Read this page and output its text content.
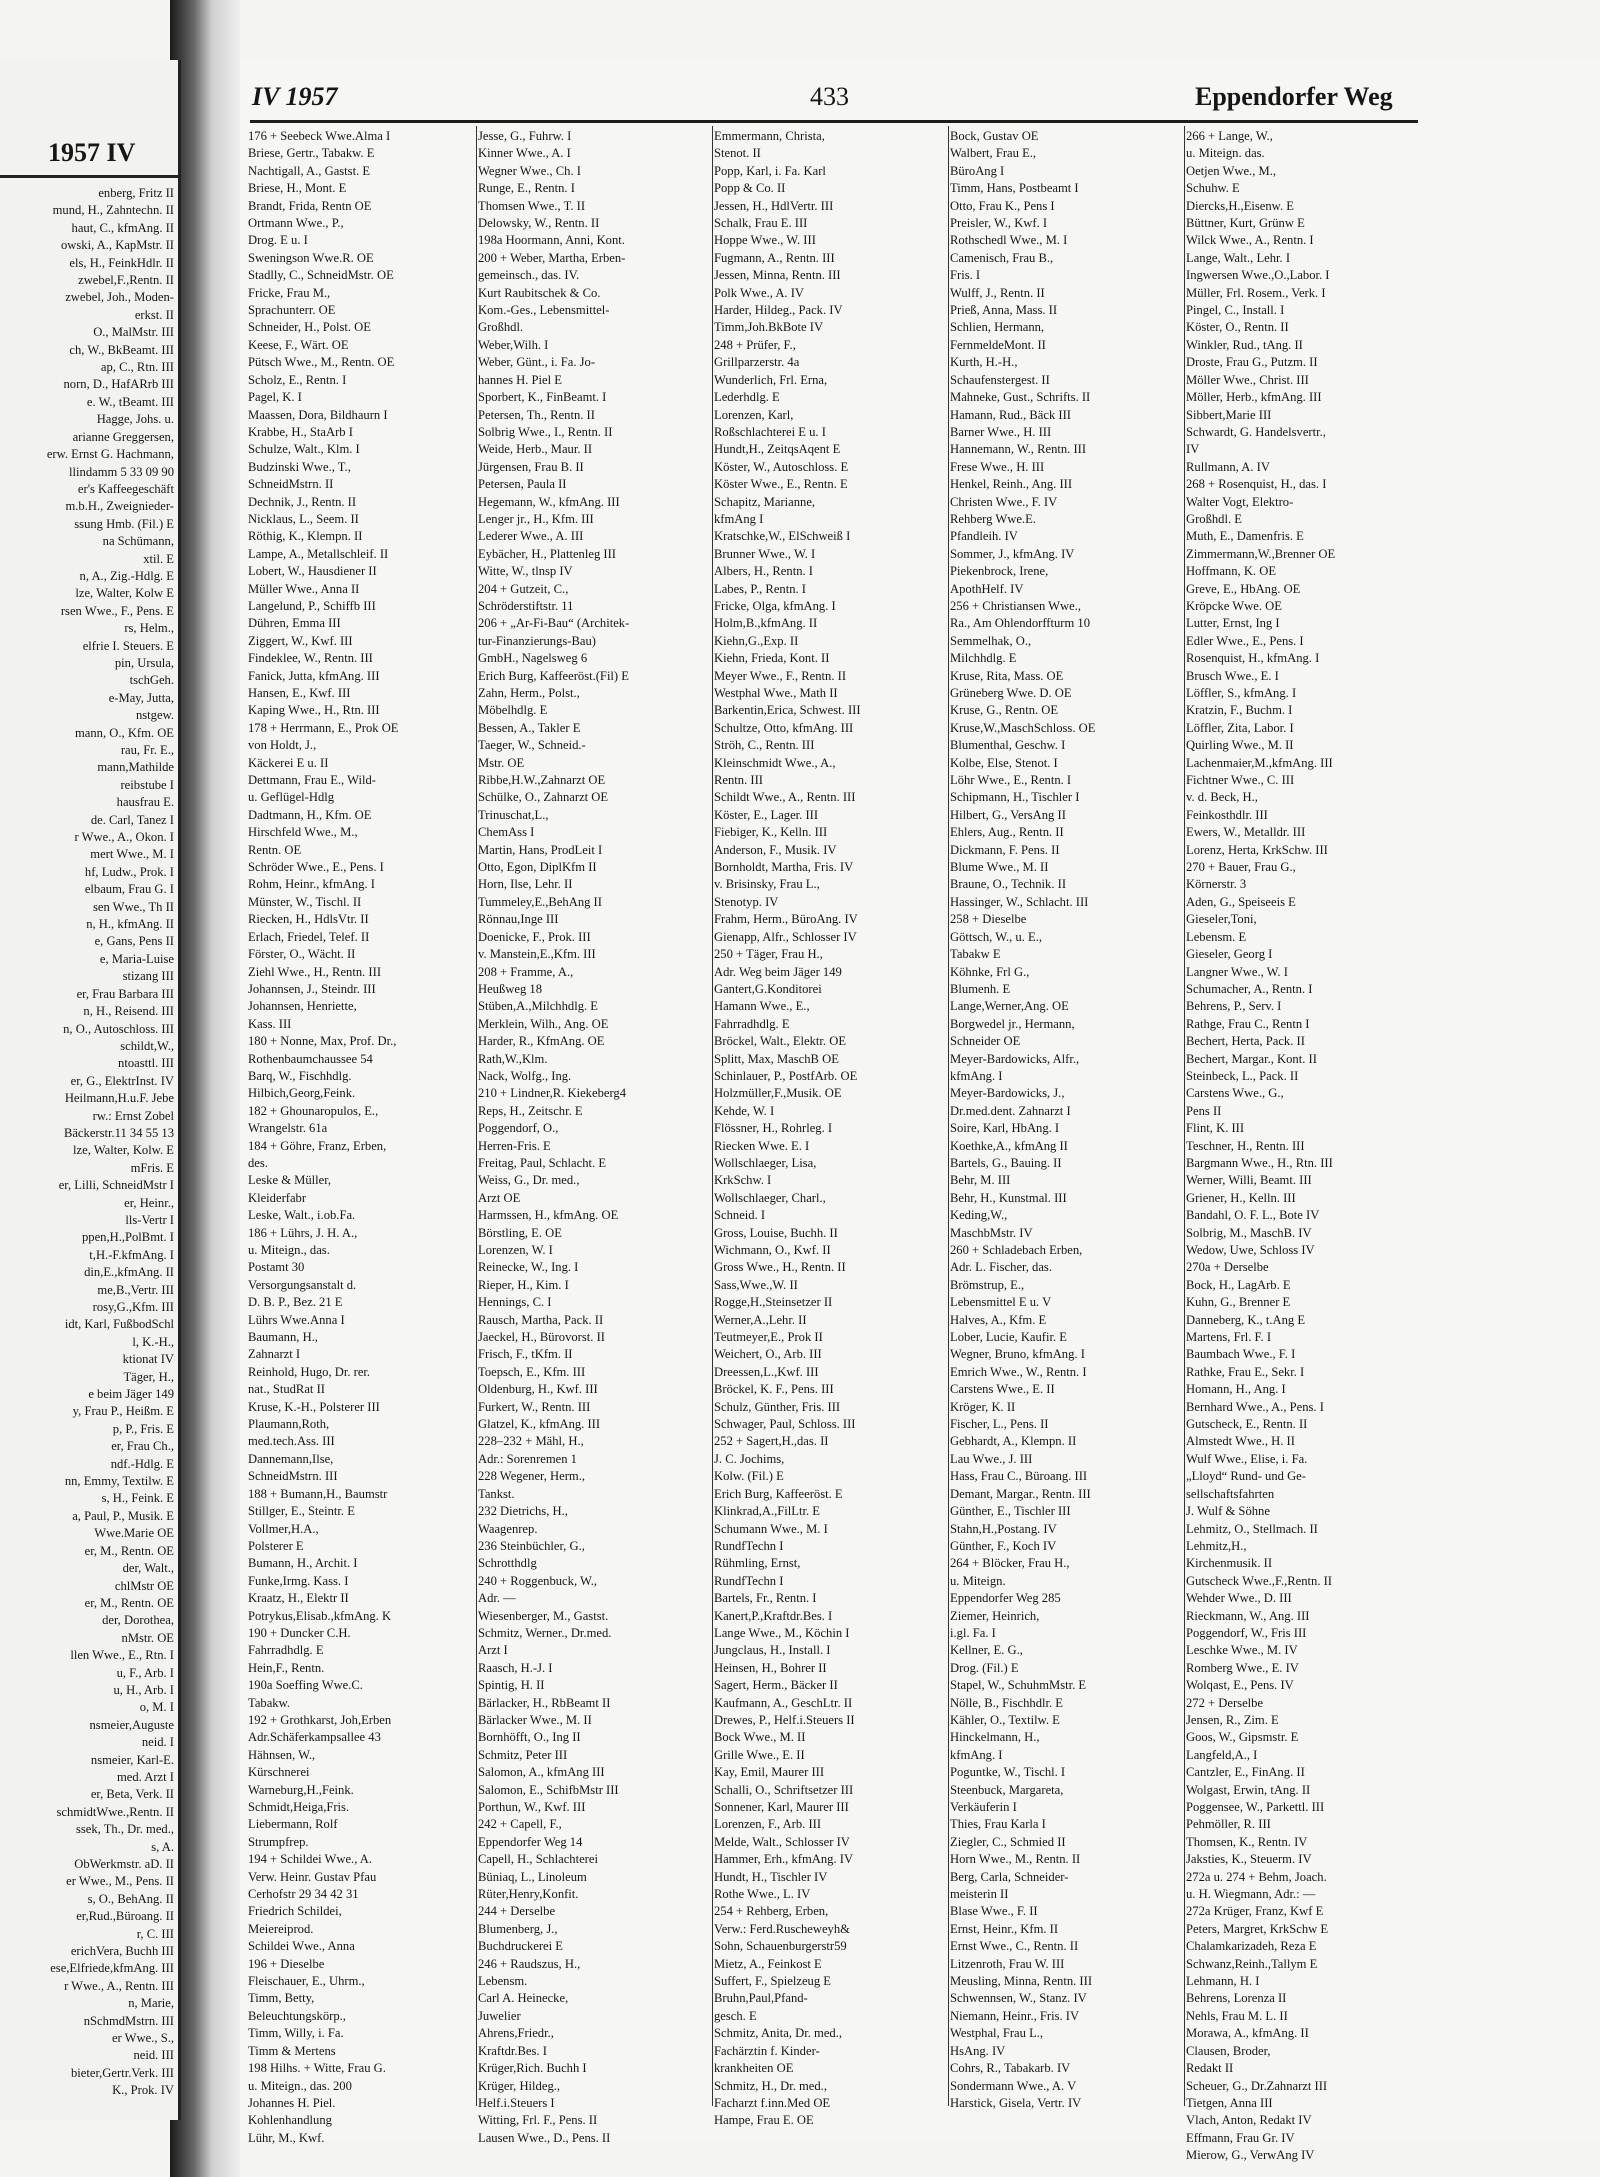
1957 IV
enberg, Fritz II
mund, H., Zahntechn. II
haut, C., kfmAng. II
owski, A., KapMstr. II
els, H., FeinkHdlr. II
zwebel,F.,Rentn. II
zwebel, Joh., Moden-
erkst. II
O., MalMstr. III
ch, W., BkBeamt. III
ap, C., Rtn. III
norn, D., HafARrb III
e. W., tBeamt. III
Hagge, Johs. u.
arianne Greggersen,
erw. Ernst G. Hachmann,
llindamm 5 33 09 90
er's Kaffeegeschäft
m.b.H., Zweignieder-
ssung Hmb. (Fil.) E
na Schümann,
xtil. E
n, A., Zig.-Hdlg. E
lze, Walter, Kolw E
rsen Wwe., F., Pens. E
rs, Helm.,
elfrie I. Steuers. E
pin, Ursula,
tschGeh.
e-May, Jutta,
nstgew.
mann, O., Kfm. OE
rau, Fr. E.,
mann,Mathilde
reibstube I
hausfrau E.
de. Carl, Tanez I
r Wwe., A., Okon. I
mert Wwe., M. I
hf, Ludw., Prok. I
elbaum, Frau G. I
sen Wwe., Th II
n, H., kfmAng. II
e, Gans, Pens II
e, Maria-Luise
stizang III
er, Frau Barbara III
n, H., Reisend. III
n, O., Autoschloss. III
schildt,W.,
ntoasttl. III
er, G., ElektrInst. IV
Heilmann,H.u.F. Jebe
rw.: Ernst Zobel
Bäckerstr.11 34 55 13
lze, Walter, Kolw. E
mFris. E
er, Lilli, SchneidMstr I
er, Heinr.,
lls-Vertr I
ppen,H.,PolBmt. I
t,H.-F.kfmAng. I
din,E.,kfmAng. II
me,B.,Vertr. III
rosy,G.,Kfm. III
idt, Karl, FußbodSchl
l, K.-H.,
ktionat IV
Täger, H.,
e beim Jäger 149
y, Frau P., Heißm. E
p, P., Fris. E
er, Frau Ch.,
ndf.-Hdlg. E
nn, Emmy, Textilw. E
s, H., Feink. E
a, Paul, P., Musik. E
Wwe.Marie OE
er, M., Rentn. OE
der, Walt.,
chlMstr OE
er, M., Rentn. OE
der, Dorothea,
nMstr. OE
llen Wwe., E., Rtn. I
u, F., Arb. I
u, H., Arb. I
o, M. I
nsmeier,Auguste
neid. I
nsmeier, Karl-E.
med. Arzt I
er, Beta, Verk. II
schmidtWwe.,Rentn. II
ssek, Th., Dr. med.,
s, A.
ObWerkmstr. aD. II
er Wwe., M., Pens. II
s, O., BehAng. II
er,Rud.,Büroang. II
r, C. III
erichVera, Buchh III
ese,Elfriede,kfmAng. III
r Wwe., A., Rentn. III
n, Marie,
nSchmdMstrn. III
er Wwe., S.,
neid. III
bieter,Gertr.Verk. III
K., Prok. IV
IV 1957	433	Eppendorfer Weg
176 + Seebeck Wwe.Alma I
Briese, Gertr., Tabakw. E
Nachtigall, A., Gastst. E
Briese, H., Mont. E
Brandt, Frida, Rentn OE
Ortmann Wwe., P.,
Drog. E u. I
Sweningson Wwe.R. OE
Stadlly, C., SchneidMstr. OE
Fricke, Frau M.,
Sprachunterr. OE
Schneider, H., Polst. OE
Keese, F., Wärt. OE
Pütsch Wwe., M., Rentn. OE
Scholz, E., Rentn. I
Pagel, K. I
Maassen, Dora, Bildhaurn I
Krabbe, H., StaArb I
Schulze, Walt., Klm. I
Budzinski Wwe., T.,
SchneidMstrn. II
Dechnik, J., Rentn. II
Nicklaus, L., Seem. II
Röthig, K., Klempn. II
Lampe, A., Metallschleif. II
Lobert, W., Hausdiener II
Müller Wwe., Anna II
Langelund, P., Schiffb III
Dühren, Emma III
Ziggert, W., Kwf. III
Findeklee, W., Rentn. III
Fanick, Jutta, kfmAng. III
Hansen, E., Kwf. III
Kaping Wwe., H., Rtn. III
178 + Herrmann, E., Prok OE
von Holdt, J.,
Käckerei E u. II
Dettmann, Frau E., Wild-
u. Geflügel-Hdlg
Dadtmann, H., Kfm. OE
Hirschfeld Wwe., M.,
Rentn. OE
Schröder Wwe., E., Pens. I
Rohm, Heinr., kfmAng. I
Münster, W., Tischl. II
Riecken, H., HdlsVtr. II
Erlach, Friedel, Telef. II
Förster, O., Wächt. II
Ziehl Wwe., H., Rentn. III
Johannsen, J., Steindr. III
Johannsen, Henriette,
Kass. III
180 + Nonne, Max, Prof. Dr.,
Rothenbaumchaussee 54
Barq, W., Fischhdlg.
Hilbich,Georg,Feink.
182 + Ghounaropulos, E.,
Wrangelstr. 61a
184 + Göhre, Franz, Erben,
des.
Leske & Müller,
Kleiderfabr
Leske, Walt., i.ob.Fa.
186 + Lührs, J. H. A.,
u. Miteign., das.
Postamt 30
Versorgungsanstalt d.
D. B. P., Bez. 21 E
Lührs Wwe.Anna I
Baumann, H.,
Zahnarzt I
Reinhold, Hugo, Dr. rer.
nat., StudRat II
Kruse, K.-H., Polsterer III
Plaumann,Roth,
med.tech.Ass. III
Dannemann,Ilse,
SchneidMstrn. III
188 + Bumann,H., Baumstr
Stillger, E., Steintr. E
Vollmer,H.A.,
Polsterer E
Bumann, H., Archit. I
Funke,Irmg. Kass. I
Kraatz, H., Elektr II
Potrykus,Elisab.,kfmAng. K
190 + Duncker C.H.
Fahrradhdlg. E
Hein,F., Rentn.
190a Soeffing Wwe.C.
Tabakw.
192 + Grothkarst, Joh,Erben
Adr.Schäferkampsallee 43
Hähnsen, W.,
Kürschnerei
Warneburg,H.,Feink.
Schmidt,Heiga,Fris.
Liebermann, Rolf
Strumpfrep.
194 + Schildei Wwe., A.
Verw. Heinr. Gustav Pfau
Cerhofstr 29 34 42 31
Friedrich Schildei,
Meiereiprod.
Schildei Wwe., Anna
196 + Dieselbe
Fleischauer, E., Uhrm.,
Timm, Betty,
Beleuchtungskörp.,
Timm, Willy, i. Fa.
Timm & Mertens
198 Hilhs. + Witte, Frau G.
u. Miteign., das. 200
Johannes H. Piel.
Kohlenhandlung
Lühr, M., Kwf.
Jesse, G., Fuhrw. I
Kinner Wwe., A. I
Wegner Wwe., Ch. I
Runge, E., Rentn. I
Thomsen Wwe., T. II
Delowsky, W., Rentn. II
198a Hoormann, Anni, Kont.
200 + Weber, Martha, Erben-
gemeinsch., das. IV.
Kurt Raubitschek & Co.
Kom.-Ges., Lebensmittel-
Großhdl.
Weber,Wilh. I
Weber, Günt., i. Fa. Jo-
hannes H. Piel E
Sporbert, K., FinBeamt. I
Petersen, Th., Rentn. II
Solbrig Wwe., I., Rentn. II
Weide, Herb., Maur. II
Jürgensen, Frau B. II
Petersen, Paula II
Hegemann, W., kfmAng. III
Lenger jr., H., Kfm. III
Lederer Wwe., A. III
Eybächer, H., Plattenleg III
Witte, W., tlnsp IV
204 + Gutzeit, C.,
Schröderstiftstr. 11
206 + „Ar-Fi-Bau“ (Architek-
tur-Finanzierungs-Bau)
GmbH., Nagelsweg 6
Erich Burg, Kaffeeröst.(Fil) E
Zahn, Herm., Polst.,
Möbelhdlg. E
Bessen, A., Takler E
Taeger, W., Schneid.-
Mstr. OE
Ribbe,H.W.,Zahnarzt OE
Schülke, O., Zahnarzt OE
Trinuschat,L.,
ChemAss I
Martin, Hans, ProdLeit I
Otto, Egon, DiplKfm II
Horn, Ilse, Lehr. II
Tummeley,E.,BehAng II
Rönnau,Inge III
Doenicke, F., Prok. III
v. Manstein,E.,Kfm. III
208 + Framme, A.,
Heußweg 18
Stüben,A.,Milchhdlg. E
Merklein, Wilh., Ang. OE
Harder, R., KfmAng. OE
Rath,W.,Klm.
Nack, Wolfg., Ing.
210 + Lindner,R. Kiekeberg4
Reps, H., Zeitschr. E
Poggendorf, O.,
Herren-Fris. E
Freitag, Paul, Schlacht. E
Weiss, G., Dr. med.,
Arzt OE
Harmssen, H., kfmAng. OE
Börstling, E. OE
Lorenzen, W. I
Reinecke, W., Ing. I
Rieper, H., Kim. I
Hennings, C. I
Rausch, Martha, Pack. II
Jaeckel, H., Bürovorst. II
Frisch, F., tKfm. II
Toepsch, E., Kfm. III
Oldenburg, H., Kwf. III
Furkert, W., Rentn. III
Glatzel, K., kfmAng. III
228–232 + Mähl, H.,
Adr.: Sorenremen 1
228 Wegener, Herm.,
Tankst.
232 Dietrichs, H.,
Waagenrep.
236 Steinbüchler, G.,
Schrotthdlg
240 + Roggenbuck, W.,
Adr. —
Wiesenberger, M., Gastst.
Schmitz, Werner., Dr.med.
Arzt I
Raasch, H.-J. I
Spintig, H. II
Bärlacker, H., RbBeamt II
Bärlacker Wwe., M. II
Bornhöfft, O., Ing II
Schmitz, Peter III
Salomon, A., kfmAng III
Salomon, E., SchifbMstr III
Porthun, W., Kwf. III
242 + Capell, F.,
Eppendorfer Weg 14
Capell, H., Schlachterei
Büniaq, L., Linoleum
Rüter,Henry,Konfit.
244 + Derselbe
Blumenberg, J.,
Buchdruckerei E
246 + Raudszus, H.,
Lebensm.
Carl A. Heinecke,
Juwelier
Ahrens,Friedr.,
Kraftdr.Bes. I
Krüger,Rich. Buchh I
Krüger, Hildeg.,
Helf.i.Steuers I
Witting, Frl. F., Pens. II
Lausen Wwe., D., Pens. II
Emmermann, Christa,
Stenot. II
Popp, Karl, i. Fa. Karl
Popp & Co. II
Jessen, H., HdlVertr. III
Schalk, Frau E. III
Hoppe Wwe., W. III
Fugmann, A., Rentn. III
Jessen, Minna, Rentn. III
Polk Wwe., A. IV
Harder, Hildeg., Pack. IV
Timm,Joh.BkBote IV
248 + Prüfer, F.,
Grillparzerstr. 4a
Wunderlich, Frl. Erna,
Lederhdlg. E
Lorenzen, Karl,
Roßschlachterei E u. I
Hundt,H., ZeitqsAqent E
Köster, W., Autoschloss. E
Köster Wwe., E., Rentn. E
Schapitz, Marianne,
kfmAng I
Kratschke,W., ElSchweiß I
Brunner Wwe., W. I
Albers, H., Rentn. I
Labes, P., Rentn. I
Fricke, Olga, kfmAng. I
Holm,B.,kfmAng. II
Kiehn,G.,Exp. II
Kiehn, Frieda, Kont. II
Meyer Wwe., F., Rentn. II
Westphal Wwe., Math II
Barkentin,Erica, Schwest. III
Schultze, Otto, kfmAng. III
Ströh, C., Rentn. III
Kleinschmidt Wwe., A.,
Rentn. III
Schildt Wwe., A., Rentn. III
Köster, E., Lager. III
Fiebiger, K., Kelln. III
Anderson, F., Musik. IV
Bornholdt, Martha, Fris. IV
v. Brisinsky, Frau L.,
Stenotyp. IV
Frahm, Herm., BüroAng. IV
Gienapp, Alfr., Schlosser IV
250 + Täger, Frau H.,
Adr. Weg beim Jäger 149
Gantert,G.Konditorei
Hamann Wwe., E.,
Fahrradhdlg. E
Bröckel, Walt., Elektr. OE
Splitt, Max, MaschB OE
Schinlauer, P., PostfArb. OE
Holzmüller,F.,Musik. OE
Kehde, W. I
Flössner, H., Rohrleg. I
Riecken Wwe. E. I
Wollschlaeger, Lisa,
KrkSchw. I
Wollschlaeger, Charl.,
Schneid. I
Gross, Louise, Buchh. II
Wichmann, O., Kwf. II
Gross Wwe., H., Rentn. II
Sass,Wwe.,W. II
Rogge,H.,Steinsetzer II
Werner,A.,Lehr. II
Teutmeyer,E., Prok II
Weichert, O., Arb. III
Dreessen,L.,Kwf. III
Bröckel, K. F., Pens. III
Schulz, Günther, Fris. III
Schwager, Paul, Schloss. III
252 + Sagert,H.,das. II
J. C. Jochims,
Kolw. (Fil.) E
Erich Burg, Kaffeeröst. E
Klinkrad,A.,FilLtr. E
Schumann Wwe., M. I
RundfTechn I
Rühmling, Ernst,
RundfTechn I
Bartels, Fr., Rentn. I
Kanert,P.,Kraftdr.Bes. I
Lange Wwe., M., Köchin I
Jungclaus, H., Install. I
Heinsen, H., Bohrer II
Sagert, Herm., Bäcker II
Kaufmann, A., GeschLtr. II
Drewes, P., Helf.i.Steuers II
Bock Wwe., M. II
Grille Wwe., E. II
Kay, Emil, Maurer III
Schalli, O., Schriftsetzer III
Sonnener, Karl, Maurer III
Lorenzen, F., Arb. III
Melde, Walt., Schlosser IV
Hammer, Erh., kfmAng. IV
Hundt, H., Tischler IV
Rothe Wwe., L. IV
254 + Rehberg, Erben,
Verw.: Ferd.Ruscheweyh&
Sohn, Schauenburgerstr59
Mietz, A., Feinkost E
Suffert, F., Spielzeug E
Bruhn,Paul,Pfand-
gesch. E
Schmitz, Anita, Dr. med.,
Fachärztin f. Kinder-
krankheiten OE
Schmitz, H., Dr. med.,
Facharzt f.inn.Med OE
Hampe, Frau E. OE
Bock, Gustav OE
Walbert, Frau E.,
BüroAng I
Timm, Hans, Postbeamt I
Otto, Frau K., Pens I
Preisler, W., Kwf. I
Rothschedl Wwe., M. I
Camenisch, Frau B.,
Fris. I
Wulff, J., Rentn. II
Prieß, Anna, Mass. II
Schlien, Hermann,
FernmeldeMont. II
Kurth, H.-H.,
Schaufenstergest. II
Mahneke, Gust., Schrifts. II
Hamann, Rud., Bäck III
Barner Wwe., H. III
Hannemann, W., Rentn. III
Frese Wwe., H. III
Henkel, Reinh., Ang. III
Christen Wwe., F. IV
Rehberg Wwe.E.
Pfandleih. IV
Sommer, J., kfmAng. IV
Piekenbrock, Irene,
ApothHelf. IV
256 + Christiansen Wwe.,
Ra., Am Ohlendorffturm 10
Semmelhak, O.,
Milchhdlg. E
Kruse, Rita, Mass. OE
Grüneberg Wwe. D. OE
Kruse, G., Rentn. OE
Kruse,W.,MaschSchloss. OE
Blumenthal, Geschw. I
Kolbe, Else, Stenot. I
Löhr Wwe., E., Rentn. I
Schipmann, H., Tischler I
Hilbert, G., VersAng II
Ehlers, Aug., Rentn. II
Dickmann, F. Pens. II
Blume Wwe., M. II
Braune, O., Technik. II
Hassinger, W., Schlacht. III
258 + Dieselbe
Göttsch, W., u. E.,
Tabakw E
Köhnke, Frl G.,
Blumenh. E
Lange,Werner,Ang. OE
Borgwedel jr., Hermann,
Schneider OE
Meyer-Bardowicks, Alfr.,
kfmAng. I
Meyer-Bardowicks, J.,
Dr.med.dent. Zahnarzt I
Soire, Karl, HbAng. I
Koethke,A., kfmAng II
Bartels, G., Bauing. II
Behr, M. III
Behr, H., Kunstmal. III
Keding,W.,
MaschbMstr. IV
260 + Schladebach Erben,
Adr. L. Fischer, das.
Brömstrup, E.,
Lebensmittel E u. V
Halves, A., Kfm. E
Lober, Lucie, Kaufir. E
Wegner, Bruno, kfmAng. I
Emrich Wwe., W., Rentn. I
Carstens Wwe., E. II
Kröger, K. II
Fischer, L., Pens. II
Gebhardt, A., Klempn. II
Lau Wwe., J. III
Hass, Frau C., Büroang. III
Demant, Margar., Rentn. III
Günther, E., Tischler III
Stahn,H.,Postang. IV
Günther, F., Koch IV
264 + Blöcker, Frau H.,
u. Miteign.
Eppendorfer Weg 285
Ziemer, Heinrich,
i.gl. Fa. I
Kellner, E. G.,
Drog. (Fil.) E
Stapel, W., SchuhmMstr. E
Nölle, B., Fischhdlr. E
Kähler, O., Textilw. E
Hinckelmann, H.,
kfmAng. I
Poguntke, W., Tischl. I
Steenbuck, Margareta,
Verkäuferin I
Thies, Frau Karla I
Ziegler, C., Schmied II
Horn Wwe., M., Rentn. II
Berg, Carla, Schneider-
meisterin II
Blase Wwe., F. II
Ernst, Heinr., Kfm. II
Ernst Wwe., C., Rentn. II
Litzenroth, Frau W. III
Meusling, Minna, Rentn. III
Schwennsen, W., Stanz. IV
Niemann, Heinr., Fris. IV
Westphal, Frau L.,
HsAng. IV
Cohrs, R., Tabakarb. IV
Sondermann Wwe., A. V
Harstick, Gisela, Vertr. IV
266 + Lange, W.,
u. Miteign. das.
Oetjen Wwe., M.,
Schuhw. E
Diercks,H.,Eisenw. E
Büttner, Kurt, Grünw E
Wilck Wwe., A., Rentn. I
Lange, Walt., Lehr. I
Ingwersen Wwe.,O.,Labor. I
Müller, Frl. Rosem., Verk. I
Pingel, C., Install. I
Köster, O., Rentn. II
Winkler, Rud., tAng. II
Droste, Frau G., Putzm. II
Möller Wwe., Christ. III
Möller, Herb., kfmAng. III
Sibbert,Marie III
Schwardt, G. Handelsvertr.,
IV
Rullmann, A. IV
268 + Rosenquist, H., das. I
Walter Vogt, Elektro-
Großhdl. E
Muth, E., Damenfris. E
Zimmermann,W.,Brenner OE
Hoffmann, K. OE
Greve, E., HbAng. OE
Kröpcke Wwe. OE
Lutter, Ernst, Ing I
Edler Wwe., E., Pens. I
Rosenquist, H., kfmAng. I
Brusch Wwe., E. I
Löffler, S., kfmAng. I
Kratzin, F., Buchm. I
Löffler, Zita, Labor. I
Quirling Wwe., M. II
Lachenmaier,M.,kfmAng. III
Fichtner Wwe., C. III
v. d. Beck, H.,
Feinkosthdlr. III
Ewers, W., Metalldr. III
Lorenz, Herta, KrkSchw. III
270 + Bauer, Frau G.,
Körnerstr. 3
Aden, G., Speiseeis E
Gieseler,Toni,
Lebensm. E
Gieseler, Georg I
Langner Wwe., W. I
Schumacher, A., Rentn. I
Behrens, P., Serv. I
Rathge, Frau C., Rentn I
Bechert, Herta, Pack. II
Bechert, Margar., Kont. II
Steinbeck, L., Pack. II
Carstens Wwe., G.,
Pens II
Flint, K. III
Teschner, H., Rentn. III
Bargmann Wwe., H., Rtn. III
Werner, Willi, Beamt. III
Griener, H., Kelln. III
Bandahl, O. F. L., Bote IV
Solbrig, M., MaschB. IV
Wedow, Uwe, Schloss IV
270a + Derselbe
Bock, H., LagArb. E
Kuhn, G., Brenner E
Danneberg, K., t.Ang E
Martens, Frl. F. I
Baumbach Wwe., F. I
Rathke, Frau E., Sekr. I
Homann, H., Ang. I
Bernhard Wwe., A., Pens. I
Gutscheck, E., Rentn. II
Almstedt Wwe., H. II
Wulf Wwe., Elise, i. Fa.
„Lloyd“ Rund- und Ge-
sellschaftsfahrten
J. Wulf & Söhne
Lehmitz, O., Stellmach. II
Lehmitz,H.,
Kirchenmusik. II
Gutscheck Wwe.,F.,Rentn. II
Wehder Wwe., D. III
Rieckmann, W., Ang. III
Poggendorf, W., Fris III
Leschke Wwe., M. IV
Romberg Wwe., E. IV
Wolqast, E., Pens. IV
272 + Derselbe
Jensen, R., Zim. E
Goos, W., Gipsmstr. E
Langfeld,A., I
Cantzler, E., FinAng. II
Wolgast, Erwin, tAng. II
Poggensee, W., Parkettl. III
Pehmöller, R. III
Thomsen, K., Rentn. IV
Jaksties, K., Steuerm. IV
272a u. 274 + Behm, Joach.
u. H. Wiegmann, Adr.: —
272a Krüger, Franz, Kwf E
Peters, Margret, KrkSchw E
Chalamkarizadeh, Reza E
Schwanz,Reinh.,Tallym E
Lehmann, H. I
Behrens, Lorenza II
Nehls, Frau M. L. II
Morawa, A., kfmAng. II
Clausen, Broder,
Redakt II
Scheuer, G., Dr.Zahnarzt III
Tietgen, Anna III
Vlach, Anton, Redakt IV
Effmann, Frau Gr. IV
Mierow, G., VerwAng IV
